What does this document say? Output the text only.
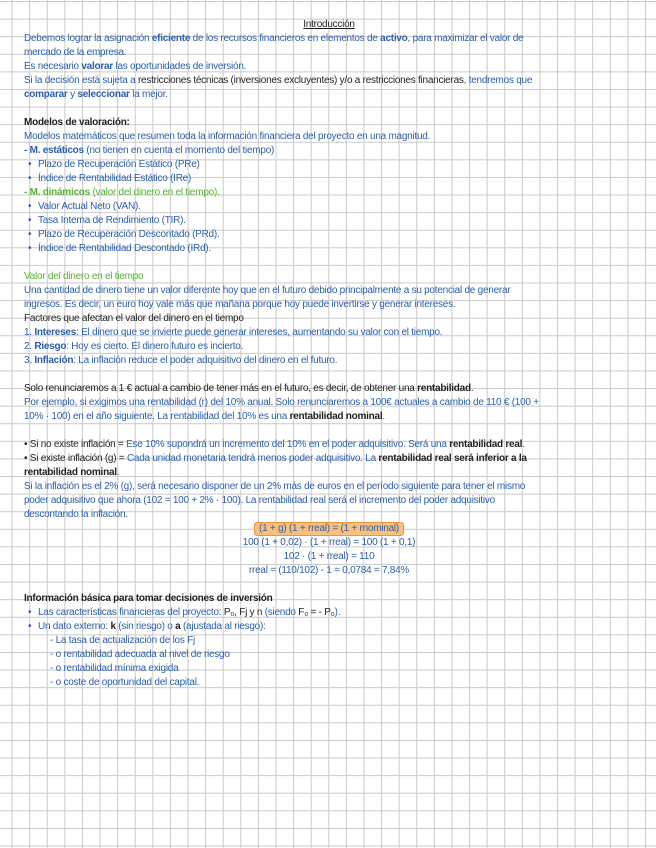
Introducción
Debemos lograr la asignación eficiente de los recursos financieros en elementos de activo, para maximizar el valor de
mercado de la empresa.
Es necesario valorar las oportunidades de inversión.
Si la decisión está sujeta a restricciones técnicas (inversiones excluyentes) y/o a restricciones financieras, tendremos que
comparar y seleccionar la mejor.
Modelos de valoración:
Modelos matemáticos que resumen toda la información financiera del proyecto en una magnitud.
- M. estáticos (no tienen en cuenta el momento del tiempo)
• Plazo de Recuperación Estático (PRe)
• Índice de Rentabilidad Estático (IRe)
- M. dinámicos (valor del dinero en el tiempo).
• Valor Actual Neto (VAN).
• Tasa Interna de Rendimiento (TIR).
• Plazo de Recuperación Descontado (PRd).
• Índice de Rentabilidad Descontado (IRd).
Valor del dinero en el tiempo
Una cantidad de dinero tiene un valor diferente hoy que en el futuro debido principalmente a su potencial de generar
ingresos. Es decir, un euro hoy vale más que mañana porque hoy puede invertirse y generar intereses.
Factores que afectan el valor del dinero en el tiempo
1. Intereses: El dinero que se invierte puede generar intereses, aumentando su valor con el tiempo.
2. Riesgo: Hoy es cierto. El dinero futuro es incierto.
3. Inflación: La inflación reduce el poder adquisitivo del dinero en el futuro.
Solo renunciaremos a 1 € actual a cambio de tener más en el futuro, es decir, de obtener una rentabilidad.
Por ejemplo, si exigimos una rentabilidad (r) del 10% anual. Solo renunciaremos a 100€ actuales a cambio de 110 € (100 +
10% · 100) en el año siguiente. La rentabilidad del 10% es una rentabilidad nominal.
• Si no existe inflación = Ese 10% supondrá un incremento del 10% en el poder adquisitivo. Será una rentabilidad real.
• Si existe inflación (g) = Cada unidad monetaria tendrá menos poder adquisitivo. La rentabilidad real será inferior a la
rentabilidad nominal.
Si la inflación es el 2% (g), será necesario disponer de un 2% más de euros en el período siguiente para tener el mismo
poder adquisitivo que ahora (102 = 100 + 2% · 100). La rentabilidad real será el incremento del poder adquisitivo
descontando la inflación.
(1 + g) (1 + rreal) = (1 + rnominal)
100 (1 + 0,02) · (1 + rreal) = 100 (1 + 0,1)
102 · (1 + rreal) = 110
rreal = (110/102) - 1 = 0,0784 = 7,84%
Información básica para tomar decisiones de inversión
• Las características financieras del proyecto: P₀, Fj y n (siendo F₀ = - P₀).
• Un dato externo: k (sin riesgo) o a (ajustada al riesgo):
- La tasa de actualización de los Fj
- o rentabilidad adecuada al nivel de riesgo
- o rentabilidad mínima exigida
- o coste de oportunidad del capital.
